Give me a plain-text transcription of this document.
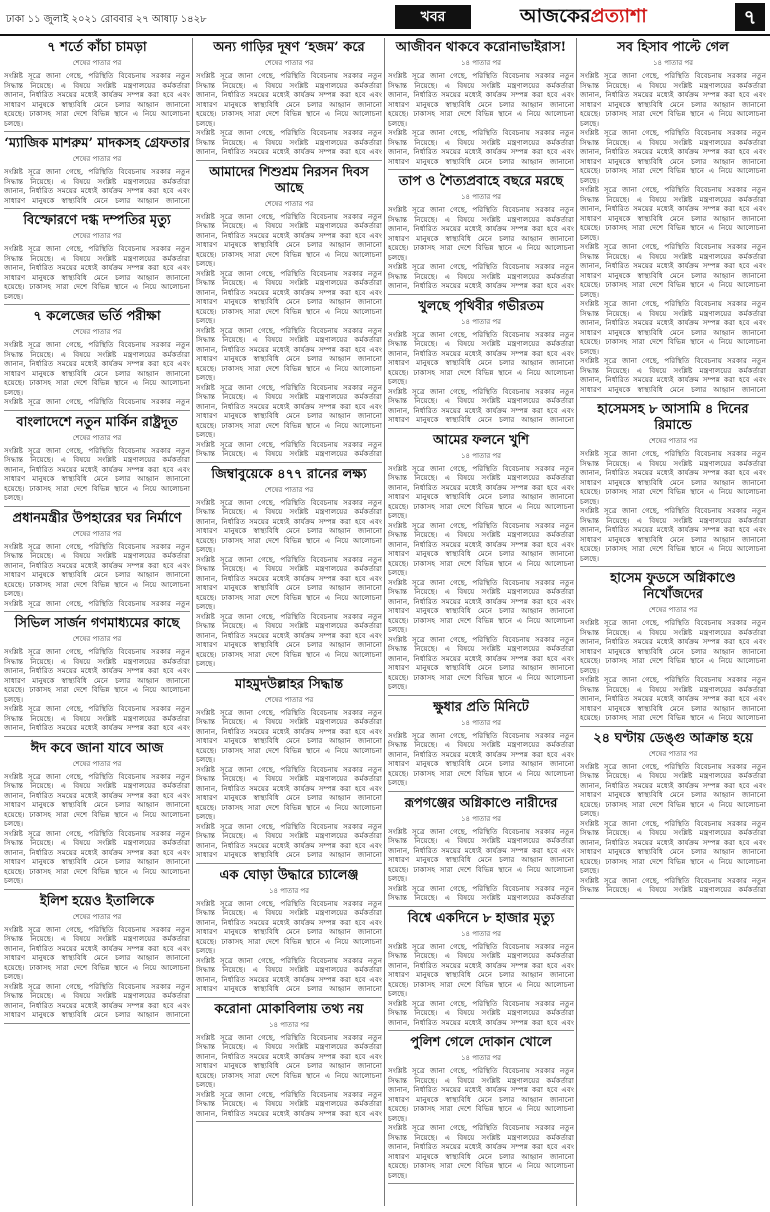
ঢাকা ১১ জুলাই ২০২১ রোববার ২৭ আষাঢ় ১৪২৮	খবর	আজকেরপ্রত্যাশা	৭
৭ শর্তে কাঁচা চামড়া
শেষের পাতার পর
সংশ্লিষ্ট সূত্রে জানা গেছে, পরিস্থিতি বিবেচনায় সরকার নতুন সিদ্ধান্ত নিয়েছে। এ বিষয়ে সংশ্লিষ্ট মন্ত্রণালয়ের কর্মকর্তারা জানান, নির্ধারিত সময়ের মধ্যেই কার্যক্রম সম্পন্ন করা হবে এবং সাধারণ মানুষকে স্বাস্থ্যবিধি মেনে চলার আহ্বান জানানো হয়েছে। ঢাকাসহ সারা দেশে বিভিন্ন স্থানে এ নিয়ে আলোচনা চলছে।
‘ম্যাজিক মাশরুম’ মাদকসহ গ্রেফতার
শেষের পাতার পর
সংশ্লিষ্ট সূত্রে জানা গেছে, পরিস্থিতি বিবেচনায় সরকার নতুন সিদ্ধান্ত নিয়েছে। এ বিষয়ে সংশ্লিষ্ট মন্ত্রণালয়ের কর্মকর্তারা জানান, নির্ধারিত সময়ের মধ্যেই কার্যক্রম সম্পন্ন করা হবে এবং সাধারণ মানুষকে স্বাস্থ্যবিধি মেনে চলার আহ্বান জানানো
বিস্ফোরণে দগ্ধ দম্পতির মৃত্যু
শেষের পাতার পর
সংশ্লিষ্ট সূত্রে জানা গেছে, পরিস্থিতি বিবেচনায় সরকার নতুন সিদ্ধান্ত নিয়েছে। এ বিষয়ে সংশ্লিষ্ট মন্ত্রণালয়ের কর্মকর্তারা জানান, নির্ধারিত সময়ের মধ্যেই কার্যক্রম সম্পন্ন করা হবে এবং সাধারণ মানুষকে স্বাস্থ্যবিধি মেনে চলার আহ্বান জানানো হয়েছে। ঢাকাসহ সারা দেশে বিভিন্ন স্থানে এ নিয়ে আলোচনা চলছে।
৭ কলেজের ভর্তি পরীক্ষা
শেষের পাতার পর
সংশ্লিষ্ট সূত্রে জানা গেছে, পরিস্থিতি বিবেচনায় সরকার নতুন সিদ্ধান্ত নিয়েছে। এ বিষয়ে সংশ্লিষ্ট মন্ত্রণালয়ের কর্মকর্তারা জানান, নির্ধারিত সময়ের মধ্যেই কার্যক্রম সম্পন্ন করা হবে এবং সাধারণ মানুষকে স্বাস্থ্যবিধি মেনে চলার আহ্বান জানানো হয়েছে। ঢাকাসহ সারা দেশে বিভিন্ন স্থানে এ নিয়ে আলোচনা চলছে।
সংশ্লিষ্ট সূত্রে জানা গেছে, পরিস্থিতি বিবেচনায় সরকার নতুন
বাংলাদেশে নতুন মার্কিন রাষ্ট্রদূত
শেষের পাতার পর
সংশ্লিষ্ট সূত্রে জানা গেছে, পরিস্থিতি বিবেচনায় সরকার নতুন সিদ্ধান্ত নিয়েছে। এ বিষয়ে সংশ্লিষ্ট মন্ত্রণালয়ের কর্মকর্তারা জানান, নির্ধারিত সময়ের মধ্যেই কার্যক্রম সম্পন্ন করা হবে এবং সাধারণ মানুষকে স্বাস্থ্যবিধি মেনে চলার আহ্বান জানানো হয়েছে। ঢাকাসহ সারা দেশে বিভিন্ন স্থানে এ নিয়ে আলোচনা চলছে।
প্রধানমন্ত্রীর উপহারের ঘর নির্মাণে
শেষের পাতার পর
সংশ্লিষ্ট সূত্রে জানা গেছে, পরিস্থিতি বিবেচনায় সরকার নতুন সিদ্ধান্ত নিয়েছে। এ বিষয়ে সংশ্লিষ্ট মন্ত্রণালয়ের কর্মকর্তারা জানান, নির্ধারিত সময়ের মধ্যেই কার্যক্রম সম্পন্ন করা হবে এবং সাধারণ মানুষকে স্বাস্থ্যবিধি মেনে চলার আহ্বান জানানো হয়েছে। ঢাকাসহ সারা দেশে বিভিন্ন স্থানে এ নিয়ে আলোচনা চলছে।
সংশ্লিষ্ট সূত্রে জানা গেছে, পরিস্থিতি বিবেচনায় সরকার নতুন
সিভিল সার্জন গণমাধ্যমের কাছে
শেষের পাতার পর
সংশ্লিষ্ট সূত্রে জানা গেছে, পরিস্থিতি বিবেচনায় সরকার নতুন সিদ্ধান্ত নিয়েছে। এ বিষয়ে সংশ্লিষ্ট মন্ত্রণালয়ের কর্মকর্তারা জানান, নির্ধারিত সময়ের মধ্যেই কার্যক্রম সম্পন্ন করা হবে এবং সাধারণ মানুষকে স্বাস্থ্যবিধি মেনে চলার আহ্বান জানানো হয়েছে। ঢাকাসহ সারা দেশে বিভিন্ন স্থানে এ নিয়ে আলোচনা চলছে।
সংশ্লিষ্ট সূত্রে জানা গেছে, পরিস্থিতি বিবেচনায় সরকার নতুন সিদ্ধান্ত নিয়েছে। এ বিষয়ে সংশ্লিষ্ট মন্ত্রণালয়ের কর্মকর্তারা জানান, নির্ধারিত সময়ের মধ্যেই কার্যক্রম সম্পন্ন করা হবে এবং
ঈদ কবে জানা যাবে আজ
শেষের পাতার পর
সংশ্লিষ্ট সূত্রে জানা গেছে, পরিস্থিতি বিবেচনায় সরকার নতুন সিদ্ধান্ত নিয়েছে। এ বিষয়ে সংশ্লিষ্ট মন্ত্রণালয়ের কর্মকর্তারা জানান, নির্ধারিত সময়ের মধ্যেই কার্যক্রম সম্পন্ন করা হবে এবং সাধারণ মানুষকে স্বাস্থ্যবিধি মেনে চলার আহ্বান জানানো হয়েছে। ঢাকাসহ সারা দেশে বিভিন্ন স্থানে এ নিয়ে আলোচনা চলছে।
সংশ্লিষ্ট সূত্রে জানা গেছে, পরিস্থিতি বিবেচনায় সরকার নতুন সিদ্ধান্ত নিয়েছে। এ বিষয়ে সংশ্লিষ্ট মন্ত্রণালয়ের কর্মকর্তারা জানান, নির্ধারিত সময়ের মধ্যেই কার্যক্রম সম্পন্ন করা হবে এবং সাধারণ মানুষকে স্বাস্থ্যবিধি মেনে চলার আহ্বান জানানো হয়েছে। ঢাকাসহ সারা দেশে বিভিন্ন স্থানে এ নিয়ে আলোচনা চলছে।
ইলিশ হয়েও ইতালিকে
শেষের পাতার পর
সংশ্লিষ্ট সূত্রে জানা গেছে, পরিস্থিতি বিবেচনায় সরকার নতুন সিদ্ধান্ত নিয়েছে। এ বিষয়ে সংশ্লিষ্ট মন্ত্রণালয়ের কর্মকর্তারা জানান, নির্ধারিত সময়ের মধ্যেই কার্যক্রম সম্পন্ন করা হবে এবং সাধারণ মানুষকে স্বাস্থ্যবিধি মেনে চলার আহ্বান জানানো হয়েছে। ঢাকাসহ সারা দেশে বিভিন্ন স্থানে এ নিয়ে আলোচনা চলছে।
সংশ্লিষ্ট সূত্রে জানা গেছে, পরিস্থিতি বিবেচনায় সরকার নতুন সিদ্ধান্ত নিয়েছে। এ বিষয়ে সংশ্লিষ্ট মন্ত্রণালয়ের কর্মকর্তারা জানান, নির্ধারিত সময়ের মধ্যেই কার্যক্রম সম্পন্ন করা হবে এবং সাধারণ মানুষকে স্বাস্থ্যবিধি মেনে চলার আহ্বান জানানো
অন্য গাড়ির দূষণ ‘হজম’ করে
শেষের পাতার পর
সংশ্লিষ্ট সূত্রে জানা গেছে, পরিস্থিতি বিবেচনায় সরকার নতুন সিদ্ধান্ত নিয়েছে। এ বিষয়ে সংশ্লিষ্ট মন্ত্রণালয়ের কর্মকর্তারা জানান, নির্ধারিত সময়ের মধ্যেই কার্যক্রম সম্পন্ন করা হবে এবং সাধারণ মানুষকে স্বাস্থ্যবিধি মেনে চলার আহ্বান জানানো হয়েছে। ঢাকাসহ সারা দেশে বিভিন্ন স্থানে এ নিয়ে আলোচনা চলছে।
সংশ্লিষ্ট সূত্রে জানা গেছে, পরিস্থিতি বিবেচনায় সরকার নতুন সিদ্ধান্ত নিয়েছে। এ বিষয়ে সংশ্লিষ্ট মন্ত্রণালয়ের কর্মকর্তারা জানান, নির্ধারিত সময়ের মধ্যেই কার্যক্রম সম্পন্ন করা হবে এবং
আমাদের শিশুশ্রম নিরসন দিবস আছে
শেষের পাতার পর
সংশ্লিষ্ট সূত্রে জানা গেছে, পরিস্থিতি বিবেচনায় সরকার নতুন সিদ্ধান্ত নিয়েছে। এ বিষয়ে সংশ্লিষ্ট মন্ত্রণালয়ের কর্মকর্তারা জানান, নির্ধারিত সময়ের মধ্যেই কার্যক্রম সম্পন্ন করা হবে এবং সাধারণ মানুষকে স্বাস্থ্যবিধি মেনে চলার আহ্বান জানানো হয়েছে। ঢাকাসহ সারা দেশে বিভিন্ন স্থানে এ নিয়ে আলোচনা চলছে।
সংশ্লিষ্ট সূত্রে জানা গেছে, পরিস্থিতি বিবেচনায় সরকার নতুন সিদ্ধান্ত নিয়েছে। এ বিষয়ে সংশ্লিষ্ট মন্ত্রণালয়ের কর্মকর্তারা জানান, নির্ধারিত সময়ের মধ্যেই কার্যক্রম সম্পন্ন করা হবে এবং সাধারণ মানুষকে স্বাস্থ্যবিধি মেনে চলার আহ্বান জানানো হয়েছে। ঢাকাসহ সারা দেশে বিভিন্ন স্থানে এ নিয়ে আলোচনা চলছে।
সংশ্লিষ্ট সূত্রে জানা গেছে, পরিস্থিতি বিবেচনায় সরকার নতুন সিদ্ধান্ত নিয়েছে। এ বিষয়ে সংশ্লিষ্ট মন্ত্রণালয়ের কর্মকর্তারা জানান, নির্ধারিত সময়ের মধ্যেই কার্যক্রম সম্পন্ন করা হবে এবং সাধারণ মানুষকে স্বাস্থ্যবিধি মেনে চলার আহ্বান জানানো হয়েছে। ঢাকাসহ সারা দেশে বিভিন্ন স্থানে এ নিয়ে আলোচনা চলছে।
সংশ্লিষ্ট সূত্রে জানা গেছে, পরিস্থিতি বিবেচনায় সরকার নতুন সিদ্ধান্ত নিয়েছে। এ বিষয়ে সংশ্লিষ্ট মন্ত্রণালয়ের কর্মকর্তারা জানান, নির্ধারিত সময়ের মধ্যেই কার্যক্রম সম্পন্ন করা হবে এবং সাধারণ মানুষকে স্বাস্থ্যবিধি মেনে চলার আহ্বান জানানো হয়েছে। ঢাকাসহ সারা দেশে বিভিন্ন স্থানে এ নিয়ে আলোচনা চলছে।
সংশ্লিষ্ট সূত্রে জানা গেছে, পরিস্থিতি বিবেচনায় সরকার নতুন সিদ্ধান্ত নিয়েছে। এ বিষয়ে সংশ্লিষ্ট মন্ত্রণালয়ের কর্মকর্তারা
জিম্বাবুয়েকে ৪৭৭ রানের লক্ষ্য
শেষের পাতার পর
সংশ্লিষ্ট সূত্রে জানা গেছে, পরিস্থিতি বিবেচনায় সরকার নতুন সিদ্ধান্ত নিয়েছে। এ বিষয়ে সংশ্লিষ্ট মন্ত্রণালয়ের কর্মকর্তারা জানান, নির্ধারিত সময়ের মধ্যেই কার্যক্রম সম্পন্ন করা হবে এবং সাধারণ মানুষকে স্বাস্থ্যবিধি মেনে চলার আহ্বান জানানো হয়েছে। ঢাকাসহ সারা দেশে বিভিন্ন স্থানে এ নিয়ে আলোচনা চলছে।
সংশ্লিষ্ট সূত্রে জানা গেছে, পরিস্থিতি বিবেচনায় সরকার নতুন সিদ্ধান্ত নিয়েছে। এ বিষয়ে সংশ্লিষ্ট মন্ত্রণালয়ের কর্মকর্তারা জানান, নির্ধারিত সময়ের মধ্যেই কার্যক্রম সম্পন্ন করা হবে এবং সাধারণ মানুষকে স্বাস্থ্যবিধি মেনে চলার আহ্বান জানানো হয়েছে। ঢাকাসহ সারা দেশে বিভিন্ন স্থানে এ নিয়ে আলোচনা চলছে।
সংশ্লিষ্ট সূত্রে জানা গেছে, পরিস্থিতি বিবেচনায় সরকার নতুন সিদ্ধান্ত নিয়েছে। এ বিষয়ে সংশ্লিষ্ট মন্ত্রণালয়ের কর্মকর্তারা জানান, নির্ধারিত সময়ের মধ্যেই কার্যক্রম সম্পন্ন করা হবে এবং সাধারণ মানুষকে স্বাস্থ্যবিধি মেনে চলার আহ্বান জানানো হয়েছে। ঢাকাসহ সারা দেশে বিভিন্ন স্থানে এ নিয়ে আলোচনা চলছে।
মাহমুদউল্লাহর সিদ্ধান্ত
শেষের পাতার পর
সংশ্লিষ্ট সূত্রে জানা গেছে, পরিস্থিতি বিবেচনায় সরকার নতুন সিদ্ধান্ত নিয়েছে। এ বিষয়ে সংশ্লিষ্ট মন্ত্রণালয়ের কর্মকর্তারা জানান, নির্ধারিত সময়ের মধ্যেই কার্যক্রম সম্পন্ন করা হবে এবং সাধারণ মানুষকে স্বাস্থ্যবিধি মেনে চলার আহ্বান জানানো হয়েছে। ঢাকাসহ সারা দেশে বিভিন্ন স্থানে এ নিয়ে আলোচনা চলছে।
সংশ্লিষ্ট সূত্রে জানা গেছে, পরিস্থিতি বিবেচনায় সরকার নতুন সিদ্ধান্ত নিয়েছে। এ বিষয়ে সংশ্লিষ্ট মন্ত্রণালয়ের কর্মকর্তারা জানান, নির্ধারিত সময়ের মধ্যেই কার্যক্রম সম্পন্ন করা হবে এবং সাধারণ মানুষকে স্বাস্থ্যবিধি মেনে চলার আহ্বান জানানো হয়েছে। ঢাকাসহ সারা দেশে বিভিন্ন স্থানে এ নিয়ে আলোচনা চলছে।
সংশ্লিষ্ট সূত্রে জানা গেছে, পরিস্থিতি বিবেচনায় সরকার নতুন সিদ্ধান্ত নিয়েছে। এ বিষয়ে সংশ্লিষ্ট মন্ত্রণালয়ের কর্মকর্তারা জানান, নির্ধারিত সময়ের মধ্যেই কার্যক্রম সম্পন্ন করা হবে এবং সাধারণ মানুষকে স্বাস্থ্যবিধি মেনে চলার আহ্বান জানানো
এক ঘোড়া উদ্ধারে চ্যালেঞ্জ
১৪ পাতার পর
সংশ্লিষ্ট সূত্রে জানা গেছে, পরিস্থিতি বিবেচনায় সরকার নতুন সিদ্ধান্ত নিয়েছে। এ বিষয়ে সংশ্লিষ্ট মন্ত্রণালয়ের কর্মকর্তারা জানান, নির্ধারিত সময়ের মধ্যেই কার্যক্রম সম্পন্ন করা হবে এবং সাধারণ মানুষকে স্বাস্থ্যবিধি মেনে চলার আহ্বান জানানো হয়েছে। ঢাকাসহ সারা দেশে বিভিন্ন স্থানে এ নিয়ে আলোচনা চলছে।
সংশ্লিষ্ট সূত্রে জানা গেছে, পরিস্থিতি বিবেচনায় সরকার নতুন সিদ্ধান্ত নিয়েছে। এ বিষয়ে সংশ্লিষ্ট মন্ত্রণালয়ের কর্মকর্তারা জানান, নির্ধারিত সময়ের মধ্যেই কার্যক্রম সম্পন্ন করা হবে এবং সাধারণ মানুষকে স্বাস্থ্যবিধি মেনে চলার আহ্বান জানানো
করোনা মোকাবিলায় তথ্য নয়
১৪ পাতার পর
সংশ্লিষ্ট সূত্রে জানা গেছে, পরিস্থিতি বিবেচনায় সরকার নতুন সিদ্ধান্ত নিয়েছে। এ বিষয়ে সংশ্লিষ্ট মন্ত্রণালয়ের কর্মকর্তারা জানান, নির্ধারিত সময়ের মধ্যেই কার্যক্রম সম্পন্ন করা হবে এবং সাধারণ মানুষকে স্বাস্থ্যবিধি মেনে চলার আহ্বান জানানো হয়েছে। ঢাকাসহ সারা দেশে বিভিন্ন স্থানে এ নিয়ে আলোচনা চলছে।
সংশ্লিষ্ট সূত্রে জানা গেছে, পরিস্থিতি বিবেচনায় সরকার নতুন সিদ্ধান্ত নিয়েছে। এ বিষয়ে সংশ্লিষ্ট মন্ত্রণালয়ের কর্মকর্তারা জানান, নির্ধারিত সময়ের মধ্যেই কার্যক্রম সম্পন্ন করা হবে এবং
আজীবন থাকবে করোনাভাইরাস!
১৪ পাতার পর
সংশ্লিষ্ট সূত্রে জানা গেছে, পরিস্থিতি বিবেচনায় সরকার নতুন সিদ্ধান্ত নিয়েছে। এ বিষয়ে সংশ্লিষ্ট মন্ত্রণালয়ের কর্মকর্তারা জানান, নির্ধারিত সময়ের মধ্যেই কার্যক্রম সম্পন্ন করা হবে এবং সাধারণ মানুষকে স্বাস্থ্যবিধি মেনে চলার আহ্বান জানানো হয়েছে। ঢাকাসহ সারা দেশে বিভিন্ন স্থানে এ নিয়ে আলোচনা চলছে।
সংশ্লিষ্ট সূত্রে জানা গেছে, পরিস্থিতি বিবেচনায় সরকার নতুন সিদ্ধান্ত নিয়েছে। এ বিষয়ে সংশ্লিষ্ট মন্ত্রণালয়ের কর্মকর্তারা জানান, নির্ধারিত সময়ের মধ্যেই কার্যক্রম সম্পন্ন করা হবে এবং সাধারণ মানুষকে স্বাস্থ্যবিধি মেনে চলার আহ্বান জানানো
তাপ ও শৈত্যপ্রবাহে বছরে মরছে
১৪ পাতার পর
সংশ্লিষ্ট সূত্রে জানা গেছে, পরিস্থিতি বিবেচনায় সরকার নতুন সিদ্ধান্ত নিয়েছে। এ বিষয়ে সংশ্লিষ্ট মন্ত্রণালয়ের কর্মকর্তারা জানান, নির্ধারিত সময়ের মধ্যেই কার্যক্রম সম্পন্ন করা হবে এবং সাধারণ মানুষকে স্বাস্থ্যবিধি মেনে চলার আহ্বান জানানো হয়েছে। ঢাকাসহ সারা দেশে বিভিন্ন স্থানে এ নিয়ে আলোচনা চলছে।
সংশ্লিষ্ট সূত্রে জানা গেছে, পরিস্থিতি বিবেচনায় সরকার নতুন সিদ্ধান্ত নিয়েছে। এ বিষয়ে সংশ্লিষ্ট মন্ত্রণালয়ের কর্মকর্তারা জানান, নির্ধারিত সময়ের মধ্যেই কার্যক্রম সম্পন্ন করা হবে এবং
খুলছে পৃথিবীর গভীরতম
১৪ পাতার পর
সংশ্লিষ্ট সূত্রে জানা গেছে, পরিস্থিতি বিবেচনায় সরকার নতুন সিদ্ধান্ত নিয়েছে। এ বিষয়ে সংশ্লিষ্ট মন্ত্রণালয়ের কর্মকর্তারা জানান, নির্ধারিত সময়ের মধ্যেই কার্যক্রম সম্পন্ন করা হবে এবং সাধারণ মানুষকে স্বাস্থ্যবিধি মেনে চলার আহ্বান জানানো হয়েছে। ঢাকাসহ সারা দেশে বিভিন্ন স্থানে এ নিয়ে আলোচনা চলছে।
সংশ্লিষ্ট সূত্রে জানা গেছে, পরিস্থিতি বিবেচনায় সরকার নতুন সিদ্ধান্ত নিয়েছে। এ বিষয়ে সংশ্লিষ্ট মন্ত্রণালয়ের কর্মকর্তারা জানান, নির্ধারিত সময়ের মধ্যেই কার্যক্রম সম্পন্ন করা হবে এবং সাধারণ মানুষকে স্বাস্থ্যবিধি মেনে চলার আহ্বান জানানো
আমের ফলনে খুশি
১৪ পাতার পর
সংশ্লিষ্ট সূত্রে জানা গেছে, পরিস্থিতি বিবেচনায় সরকার নতুন সিদ্ধান্ত নিয়েছে। এ বিষয়ে সংশ্লিষ্ট মন্ত্রণালয়ের কর্মকর্তারা জানান, নির্ধারিত সময়ের মধ্যেই কার্যক্রম সম্পন্ন করা হবে এবং সাধারণ মানুষকে স্বাস্থ্যবিধি মেনে চলার আহ্বান জানানো হয়েছে। ঢাকাসহ সারা দেশে বিভিন্ন স্থানে এ নিয়ে আলোচনা চলছে।
সংশ্লিষ্ট সূত্রে জানা গেছে, পরিস্থিতি বিবেচনায় সরকার নতুন সিদ্ধান্ত নিয়েছে। এ বিষয়ে সংশ্লিষ্ট মন্ত্রণালয়ের কর্মকর্তারা জানান, নির্ধারিত সময়ের মধ্যেই কার্যক্রম সম্পন্ন করা হবে এবং সাধারণ মানুষকে স্বাস্থ্যবিধি মেনে চলার আহ্বান জানানো হয়েছে। ঢাকাসহ সারা দেশে বিভিন্ন স্থানে এ নিয়ে আলোচনা চলছে।
সংশ্লিষ্ট সূত্রে জানা গেছে, পরিস্থিতি বিবেচনায় সরকার নতুন সিদ্ধান্ত নিয়েছে। এ বিষয়ে সংশ্লিষ্ট মন্ত্রণালয়ের কর্মকর্তারা জানান, নির্ধারিত সময়ের মধ্যেই কার্যক্রম সম্পন্ন করা হবে এবং সাধারণ মানুষকে স্বাস্থ্যবিধি মেনে চলার আহ্বান জানানো হয়েছে। ঢাকাসহ সারা দেশে বিভিন্ন স্থানে এ নিয়ে আলোচনা চলছে।
সংশ্লিষ্ট সূত্রে জানা গেছে, পরিস্থিতি বিবেচনায় সরকার নতুন সিদ্ধান্ত নিয়েছে। এ বিষয়ে সংশ্লিষ্ট মন্ত্রণালয়ের কর্মকর্তারা জানান, নির্ধারিত সময়ের মধ্যেই কার্যক্রম সম্পন্ন করা হবে এবং সাধারণ মানুষকে স্বাস্থ্যবিধি মেনে চলার আহ্বান জানানো হয়েছে। ঢাকাসহ সারা দেশে বিভিন্ন স্থানে এ নিয়ে আলোচনা চলছে।
ক্ষুধার প্রতি মিনিটে
১৪ পাতার পর
সংশ্লিষ্ট সূত্রে জানা গেছে, পরিস্থিতি বিবেচনায় সরকার নতুন সিদ্ধান্ত নিয়েছে। এ বিষয়ে সংশ্লিষ্ট মন্ত্রণালয়ের কর্মকর্তারা জানান, নির্ধারিত সময়ের মধ্যেই কার্যক্রম সম্পন্ন করা হবে এবং সাধারণ মানুষকে স্বাস্থ্যবিধি মেনে চলার আহ্বান জানানো হয়েছে। ঢাকাসহ সারা দেশে বিভিন্ন স্থানে এ নিয়ে আলোচনা চলছে।
রূপগঞ্জের অগ্নিকাণ্ডে নারীদের
১৪ পাতার পর
সংশ্লিষ্ট সূত্রে জানা গেছে, পরিস্থিতি বিবেচনায় সরকার নতুন সিদ্ধান্ত নিয়েছে। এ বিষয়ে সংশ্লিষ্ট মন্ত্রণালয়ের কর্মকর্তারা জানান, নির্ধারিত সময়ের মধ্যেই কার্যক্রম সম্পন্ন করা হবে এবং সাধারণ মানুষকে স্বাস্থ্যবিধি মেনে চলার আহ্বান জানানো হয়েছে। ঢাকাসহ সারা দেশে বিভিন্ন স্থানে এ নিয়ে আলোচনা চলছে।
সংশ্লিষ্ট সূত্রে জানা গেছে, পরিস্থিতি বিবেচনায় সরকার নতুন সিদ্ধান্ত নিয়েছে। এ বিষয়ে সংশ্লিষ্ট মন্ত্রণালয়ের কর্মকর্তারা
বিশ্বে একদিনে ৮ হাজার মৃত্যু
১৪ পাতার পর
সংশ্লিষ্ট সূত্রে জানা গেছে, পরিস্থিতি বিবেচনায় সরকার নতুন সিদ্ধান্ত নিয়েছে। এ বিষয়ে সংশ্লিষ্ট মন্ত্রণালয়ের কর্মকর্তারা জানান, নির্ধারিত সময়ের মধ্যেই কার্যক্রম সম্পন্ন করা হবে এবং সাধারণ মানুষকে স্বাস্থ্যবিধি মেনে চলার আহ্বান জানানো হয়েছে। ঢাকাসহ সারা দেশে বিভিন্ন স্থানে এ নিয়ে আলোচনা চলছে।
সংশ্লিষ্ট সূত্রে জানা গেছে, পরিস্থিতি বিবেচনায় সরকার নতুন সিদ্ধান্ত নিয়েছে। এ বিষয়ে সংশ্লিষ্ট মন্ত্রণালয়ের কর্মকর্তারা জানান, নির্ধারিত সময়ের মধ্যেই কার্যক্রম সম্পন্ন করা হবে এবং
পুলিশ গেলে দোকান খোলে
১৪ পাতার পর
সংশ্লিষ্ট সূত্রে জানা গেছে, পরিস্থিতি বিবেচনায় সরকার নতুন সিদ্ধান্ত নিয়েছে। এ বিষয়ে সংশ্লিষ্ট মন্ত্রণালয়ের কর্মকর্তারা জানান, নির্ধারিত সময়ের মধ্যেই কার্যক্রম সম্পন্ন করা হবে এবং সাধারণ মানুষকে স্বাস্থ্যবিধি মেনে চলার আহ্বান জানানো হয়েছে। ঢাকাসহ সারা দেশে বিভিন্ন স্থানে এ নিয়ে আলোচনা চলছে।
সংশ্লিষ্ট সূত্রে জানা গেছে, পরিস্থিতি বিবেচনায় সরকার নতুন সিদ্ধান্ত নিয়েছে। এ বিষয়ে সংশ্লিষ্ট মন্ত্রণালয়ের কর্মকর্তারা জানান, নির্ধারিত সময়ের মধ্যেই কার্যক্রম সম্পন্ন করা হবে এবং সাধারণ মানুষকে স্বাস্থ্যবিধি মেনে চলার আহ্বান জানানো হয়েছে। ঢাকাসহ সারা দেশে বিভিন্ন স্থানে এ নিয়ে আলোচনা চলছে।
সব হিসাব পাল্টে গেল
১৪ পাতার পর
সংশ্লিষ্ট সূত্রে জানা গেছে, পরিস্থিতি বিবেচনায় সরকার নতুন সিদ্ধান্ত নিয়েছে। এ বিষয়ে সংশ্লিষ্ট মন্ত্রণালয়ের কর্মকর্তারা জানান, নির্ধারিত সময়ের মধ্যেই কার্যক্রম সম্পন্ন করা হবে এবং সাধারণ মানুষকে স্বাস্থ্যবিধি মেনে চলার আহ্বান জানানো হয়েছে। ঢাকাসহ সারা দেশে বিভিন্ন স্থানে এ নিয়ে আলোচনা চলছে।
সংশ্লিষ্ট সূত্রে জানা গেছে, পরিস্থিতি বিবেচনায় সরকার নতুন সিদ্ধান্ত নিয়েছে। এ বিষয়ে সংশ্লিষ্ট মন্ত্রণালয়ের কর্মকর্তারা জানান, নির্ধারিত সময়ের মধ্যেই কার্যক্রম সম্পন্ন করা হবে এবং সাধারণ মানুষকে স্বাস্থ্যবিধি মেনে চলার আহ্বান জানানো হয়েছে। ঢাকাসহ সারা দেশে বিভিন্ন স্থানে এ নিয়ে আলোচনা চলছে।
সংশ্লিষ্ট সূত্রে জানা গেছে, পরিস্থিতি বিবেচনায় সরকার নতুন সিদ্ধান্ত নিয়েছে। এ বিষয়ে সংশ্লিষ্ট মন্ত্রণালয়ের কর্মকর্তারা জানান, নির্ধারিত সময়ের মধ্যেই কার্যক্রম সম্পন্ন করা হবে এবং সাধারণ মানুষকে স্বাস্থ্যবিধি মেনে চলার আহ্বান জানানো হয়েছে। ঢাকাসহ সারা দেশে বিভিন্ন স্থানে এ নিয়ে আলোচনা চলছে।
সংশ্লিষ্ট সূত্রে জানা গেছে, পরিস্থিতি বিবেচনায় সরকার নতুন সিদ্ধান্ত নিয়েছে। এ বিষয়ে সংশ্লিষ্ট মন্ত্রণালয়ের কর্মকর্তারা জানান, নির্ধারিত সময়ের মধ্যেই কার্যক্রম সম্পন্ন করা হবে এবং সাধারণ মানুষকে স্বাস্থ্যবিধি মেনে চলার আহ্বান জানানো হয়েছে। ঢাকাসহ সারা দেশে বিভিন্ন স্থানে এ নিয়ে আলোচনা চলছে।
সংশ্লিষ্ট সূত্রে জানা গেছে, পরিস্থিতি বিবেচনায় সরকার নতুন সিদ্ধান্ত নিয়েছে। এ বিষয়ে সংশ্লিষ্ট মন্ত্রণালয়ের কর্মকর্তারা জানান, নির্ধারিত সময়ের মধ্যেই কার্যক্রম সম্পন্ন করা হবে এবং সাধারণ মানুষকে স্বাস্থ্যবিধি মেনে চলার আহ্বান জানানো হয়েছে। ঢাকাসহ সারা দেশে বিভিন্ন স্থানে এ নিয়ে আলোচনা চলছে।
সংশ্লিষ্ট সূত্রে জানা গেছে, পরিস্থিতি বিবেচনায় সরকার নতুন সিদ্ধান্ত নিয়েছে। এ বিষয়ে সংশ্লিষ্ট মন্ত্রণালয়ের কর্মকর্তারা জানান, নির্ধারিত সময়ের মধ্যেই কার্যক্রম সম্পন্ন করা হবে এবং সাধারণ মানুষকে স্বাস্থ্যবিধি মেনে চলার আহ্বান জানানো
হাসেমসহ ৮ আসামি ৪ দিনের রিমান্ডে
শেষের পাতার পর
সংশ্লিষ্ট সূত্রে জানা গেছে, পরিস্থিতি বিবেচনায় সরকার নতুন সিদ্ধান্ত নিয়েছে। এ বিষয়ে সংশ্লিষ্ট মন্ত্রণালয়ের কর্মকর্তারা জানান, নির্ধারিত সময়ের মধ্যেই কার্যক্রম সম্পন্ন করা হবে এবং সাধারণ মানুষকে স্বাস্থ্যবিধি মেনে চলার আহ্বান জানানো হয়েছে। ঢাকাসহ সারা দেশে বিভিন্ন স্থানে এ নিয়ে আলোচনা চলছে।
সংশ্লিষ্ট সূত্রে জানা গেছে, পরিস্থিতি বিবেচনায় সরকার নতুন সিদ্ধান্ত নিয়েছে। এ বিষয়ে সংশ্লিষ্ট মন্ত্রণালয়ের কর্মকর্তারা জানান, নির্ধারিত সময়ের মধ্যেই কার্যক্রম সম্পন্ন করা হবে এবং সাধারণ মানুষকে স্বাস্থ্যবিধি মেনে চলার আহ্বান জানানো হয়েছে। ঢাকাসহ সারা দেশে বিভিন্ন স্থানে এ নিয়ে আলোচনা চলছে।
হাসেম ফুডসে অগ্নিকাণ্ডে নিখোঁজদের
শেষের পাতার পর
সংশ্লিষ্ট সূত্রে জানা গেছে, পরিস্থিতি বিবেচনায় সরকার নতুন সিদ্ধান্ত নিয়েছে। এ বিষয়ে সংশ্লিষ্ট মন্ত্রণালয়ের কর্মকর্তারা জানান, নির্ধারিত সময়ের মধ্যেই কার্যক্রম সম্পন্ন করা হবে এবং সাধারণ মানুষকে স্বাস্থ্যবিধি মেনে চলার আহ্বান জানানো হয়েছে। ঢাকাসহ সারা দেশে বিভিন্ন স্থানে এ নিয়ে আলোচনা চলছে।
সংশ্লিষ্ট সূত্রে জানা গেছে, পরিস্থিতি বিবেচনায় সরকার নতুন সিদ্ধান্ত নিয়েছে। এ বিষয়ে সংশ্লিষ্ট মন্ত্রণালয়ের কর্মকর্তারা জানান, নির্ধারিত সময়ের মধ্যেই কার্যক্রম সম্পন্ন করা হবে এবং সাধারণ মানুষকে স্বাস্থ্যবিধি মেনে চলার আহ্বান জানানো হয়েছে। ঢাকাসহ সারা দেশে বিভিন্ন স্থানে এ নিয়ে আলোচনা
২৪ ঘণ্টায় ডেঙ্গু আক্রান্ত হয়ে
শেষের পাতার পর
সংশ্লিষ্ট সূত্রে জানা গেছে, পরিস্থিতি বিবেচনায় সরকার নতুন সিদ্ধান্ত নিয়েছে। এ বিষয়ে সংশ্লিষ্ট মন্ত্রণালয়ের কর্মকর্তারা জানান, নির্ধারিত সময়ের মধ্যেই কার্যক্রম সম্পন্ন করা হবে এবং সাধারণ মানুষকে স্বাস্থ্যবিধি মেনে চলার আহ্বান জানানো হয়েছে। ঢাকাসহ সারা দেশে বিভিন্ন স্থানে এ নিয়ে আলোচনা চলছে।
সংশ্লিষ্ট সূত্রে জানা গেছে, পরিস্থিতি বিবেচনায় সরকার নতুন সিদ্ধান্ত নিয়েছে। এ বিষয়ে সংশ্লিষ্ট মন্ত্রণালয়ের কর্মকর্তারা জানান, নির্ধারিত সময়ের মধ্যেই কার্যক্রম সম্পন্ন করা হবে এবং সাধারণ মানুষকে স্বাস্থ্যবিধি মেনে চলার আহ্বান জানানো হয়েছে। ঢাকাসহ সারা দেশে বিভিন্ন স্থানে এ নিয়ে আলোচনা চলছে।
সংশ্লিষ্ট সূত্রে জানা গেছে, পরিস্থিতি বিবেচনায় সরকার নতুন সিদ্ধান্ত নিয়েছে। এ বিষয়ে সংশ্লিষ্ট মন্ত্রণালয়ের কর্মকর্তারা
